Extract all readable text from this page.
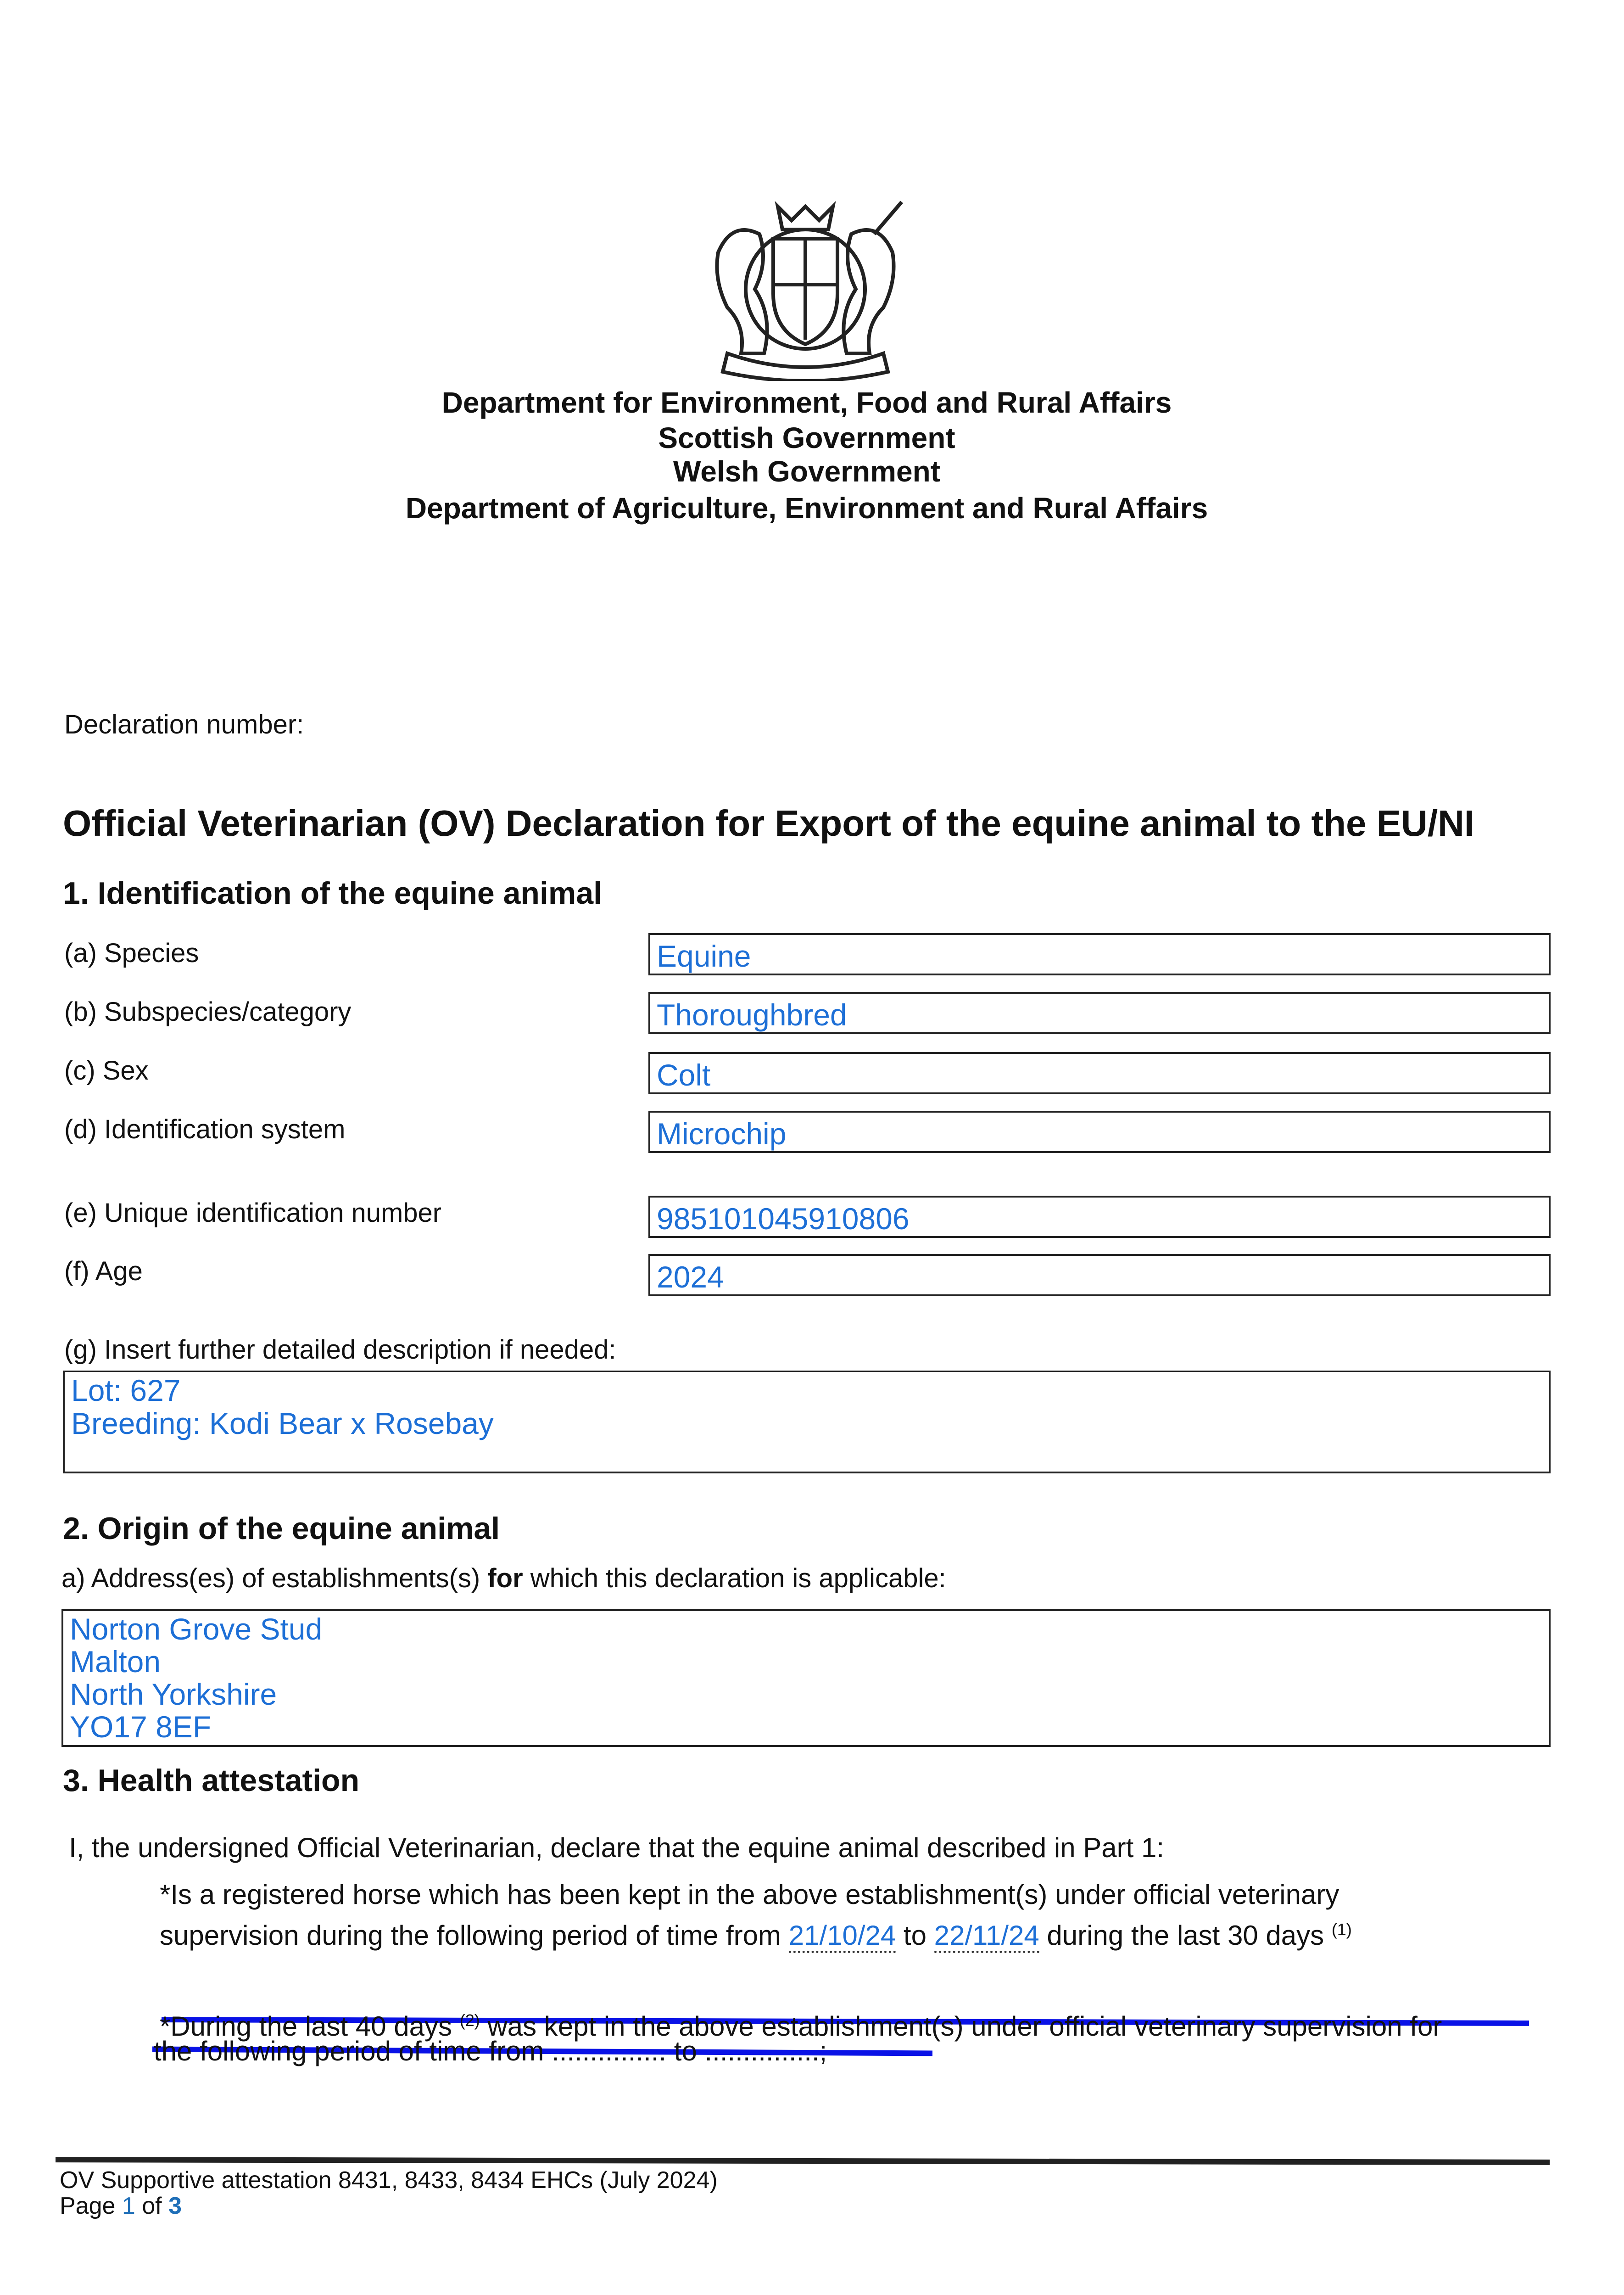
Department for Environment, Food and Rural Affairs
Scottish Government
Welsh Government
Department of Agriculture, Environment and Rural Affairs
Declaration number:
Official Veterinarian (OV) Declaration for Export of the equine animal to the EU/NI
1. Identification of the equine animal
(a) Species	Equine
(b) Subspecies/category	Thoroughbred
(c) Sex	Colt
(d) Identification system	Microchip
(e) Unique identification number	985101045910806
(f) Age	2024
(g) Insert further detailed description if needed:
Lot: 627
Breeding: Kodi Bear x Rosebay
2. Origin of the equine animal
a) Address(es) of establishments(s) for which this declaration is applicable:
Norton Grove Stud
Malton
North Yorkshire
YO17 8EF
3. Health attestation
I, the undersigned Official Veterinarian, declare that the equine animal described in Part 1:
*Is a registered horse which has been kept in the above establishment(s) under official veterinary
supervision during the following period of time from 21/10/24 to 22/11/24 during the last 30 days $^{(1)}$
*During the last 40 days $^{(2)}$ was kept in the above establishment(s) under official veterinary supervision for
the following period of time from ............... to ...............;
OV Supportive attestation 8431, 8433, 8434 EHCs (July 2024)
Page 1 of 3
